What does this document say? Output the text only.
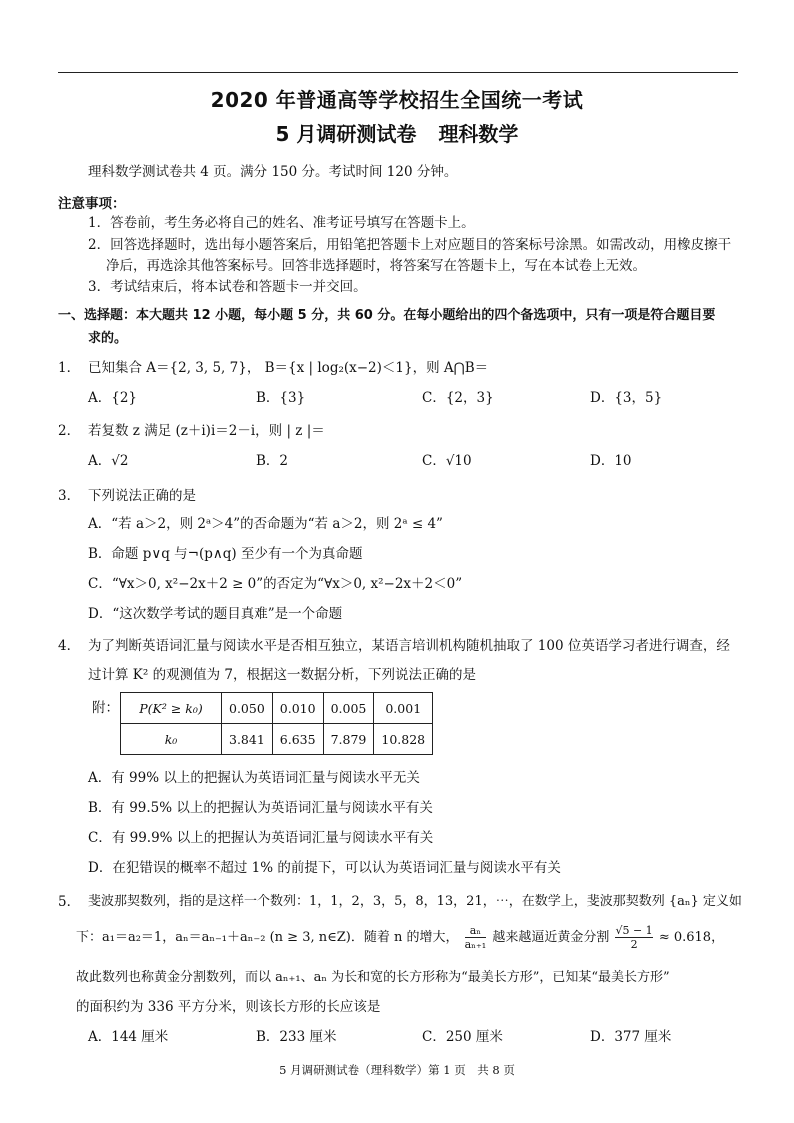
2020 年普通高等学校招生全国统一考试
5 月调研测试卷 理科数学
理科数学测试卷共 4 页。满分 150 分。考试时间 120 分钟。
注意事项：
1．答卷前，考生务必将自己的姓名、准考证号填写在答题卡上。
2．回答选择题时，选出每小题答案后，用铅笔把答题卡上对应题目的答案标号涂黑。如需改动，用橡皮擦干
净后，再选涂其他答案标号。回答非选择题时，将答案写在答题卡上，写在本试卷上无效。
3．考试结束后，将本试卷和答题卡一并交回。
一、选择题：本大题共 12 小题，每小题 5 分，共 60 分。在每小题给出的四个备选项中，只有一项是符合题目要
求的。
1． 已知集合 A＝{2, 3, 5, 7}， B＝{x | log₂(x−2)＜1}，则 A⋂B＝
A．{2}	B．{3}	C．{2，3}	D．{3，5}
2． 若复数 z 满足 (z＋i)i＝2－i，则 | z |＝
A．√2	B．2	C．√10	D．10
3． 下列说法正确的是
A．“若 a＞2，则 2ᵃ＞4”的否命题为“若 a＞2，则 2ᵃ ≤ 4”
B．命题 p∨q 与¬(p∧q) 至少有一个为真命题
C．“∀x＞0, x²−2x＋2 ≥ 0”的否定为“∀x＞0, x²−2x＋2＜0”
D．“这次数学考试的题目真难”是一个命题
4． 为了判断英语词汇量与阅读水平是否相互独立，某语言培训机构随机抽取了 100 位英语学习者进行调查，经
过计算 K² 的观测值为 7，根据这一数据分析，下列说法正确的是
附： P(K² ≥ k₀)	0.050	0.010	0.005	0.001
k₀	3.841	6.635	7.879	10.828
A．有 99% 以上的把握认为英语词汇量与阅读水平无关
B．有 99.5% 以上的把握认为英语词汇量与阅读水平有关
C．有 99.9% 以上的把握认为英语词汇量与阅读水平有关
D．在犯错误的概率不超过 1% 的前提下，可以认为英语词汇量与阅读水平有关
5． 斐波那契数列，指的是这样一个数列：1，1，2，3，5，8，13，21，⋯，在数学上，斐波那契数列 {aₙ} 定义如
下：a₁＝a₂＝1，aₙ＝aₙ₋₁＋aₙ₋₂ (n ≥ 3, n∈Z)．随着 n 的增大， $\frac{\text{aₙ}}{\text{aₙ₊₁}}$ 越来越逼近黄金分割 $\frac{√5 - 1}{2} \approx 0.618$，
故此数列也称黄金分割数列，而以 aₙ₊₁、aₙ 为长和宽的长方形称为“最美长方形”，已知某“最美长方形”
的面积约为 336 平方分米，则该长方形的长应该是
A．144 厘米	B．233 厘米	C．250 厘米	D．377 厘米
5 月调研测试卷（理科数学）第 1 页　共 8 页
